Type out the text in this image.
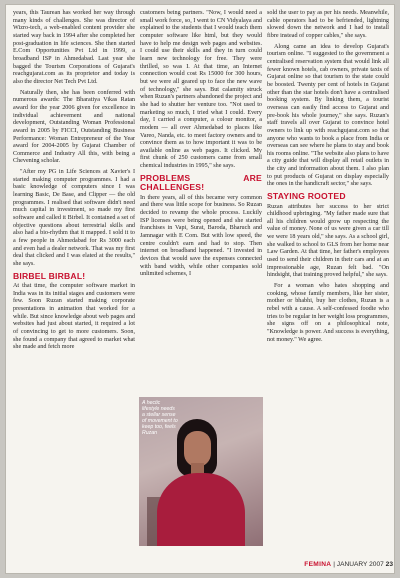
years, this Taurean has worked her way through many kinds of challenges. She was director of Wizro-tech, a web-enabled content provider she started way back in 1994 after she completed her post-graduation in life sciences. She then started E.Com Opportunities Pvt Ltd in 1999, a broadband ISP in Ahmedabad. Last year she bagged the Tourism Corporations of Gujarat's reachgujarat.com as its proprietor and today is also the director Net Tech Pvt Ltd.

Naturally then, she has been conferred with numerous awards: The Bharatiya Vikas Ratan award for the year 2006 given for excellence in individual achievement and national development, Outstanding Woman Professional award in 2005 by FICCI, Outstanding Business Performance: Woman Entrepreneur of the Year award for 2004-2005 by Gujarat Chamber of Commerce and Industry All this, with being a Chevening scholar.

"After my PG in Life Sciences at Xavier's I started making computer programmes. I had a basic knowledge of computers since I was learning Basic, De Base, and Clipper — the old programmes. I realised that software didn't need much capital in investment, so made my first software and called it Birbel. It contained a set of objective questions about terrestrial skills and also had a bio-rhythm that it mapped. I sold it to a few people in Ahmedabad for Rs 3000 each and even had a dealer network. That was my first deal that clicked and I was elated at the results," she says.

BIRBEL BIRBAL!

At that time, the computer software market in India was in its initial stages and customers were few. Soon Ruzan started making corporate presentations in animation that worked for a while. But since knowledge about web pages and websites had just about started, it required a lot of convincing to get to more customers. Soon, she found a company that agreed to market what she made and fetch more

customers being partners. "Now, I would need a small work force, so, I went to CN Vidyalaya and explained to the students that I would teach them computer software like html, but they would have to help me design web pages and websites. I could use their skills and they in turn could learn new technology for free. They were thrilled, so was I. At that time, an Internet connection would cost Rs 15000 for 300 hours, but we were all geared up to face the new wave of technology," she says. But calamity struck when Ruzan's partners abandoned the project and she had to shutter her venture too. "Not used to marketing so much, I tried what I could. Every day, I carried a computer, a colour monitor, a modem — all over Ahmedabad to places like Vareo, Nanda, etc. to meet factory owners and to convince them as to how important it was to be available online as web pages. It clicked. My first chunk of 250 customers came from small chemical industries in 1995," she says.

PROBLEMS ARE CHALLENGES!

In there years, all of this became very common and there was little scope for business. So Ruzan decided to revamp the whole process. Luckily ISP licenses were being opened and she started franchises in Vapi, Surat, Baroda, Bharuch and Jamnagar with E Com. But with low speed, the centre couldn't earn and had to stop. Then internet on broadband happened. "I invested in devices that would save the expenses connected with band width, while other companies sold unlimited schemes, I

A hectic lifestyle needs a stellar sense of movement to keep too, feels Ruzan

sold the user to pay as per his needs. Meanwhile, cable operators had to be befriended, lightning slowed down the network and I had to install fibre instead of copper cables," she says.

Along came an idea to develop Gujarat's tourism online. "I suggested to the government a centralised reservation system that would link all fewer known hotels, cab owners, private taxis of Gujarat online so that tourism to the state could be boosted. Twenty per cent of hotels in Gujarat other than the star hotels don't have a centralised booking system. By linking them, a tourist overseas can easily find access to Gujarat and pre-book his whole journey," she says. Ruzan's staff travels all over Gujarat to convince hotel owners to link up with reachgujarat.com so that anyone who wants to book a place from India or overseas can see where he plans to stay and book his rooms online. "The website also plans to have a city guide that will display all retail outlets in the city and information about them. I also plan to put products of Gujarat on display especially the ones in the handicraft sector," she says.

STAYING ROOTED

Ruzan attributes her success to her strict childhood upbringing. "My father made sure that all his children would grow up respecting the value of money. None of us were given a car till we were 18 years old," she says. As a school girl, she walked to school to GLS from her home near Law Garden. At that time, her father's employees used to send their children in their cars and at an impressionable age, Ruzan felt bad. "On hindsight, that training proved helpful," she says.

For a woman who hates shopping and cooking, whose family members, like her sister, mother or bhabhi, buy her clothes, Ruzan is a rebel with a cause. A self-confessed foodie who tries to be regular in her weight loss programmes, she signs off on a philosophical note, "Knowledge is power. And success is everything, not money." We agree.

FEMINA | JANUARY 2007 23
